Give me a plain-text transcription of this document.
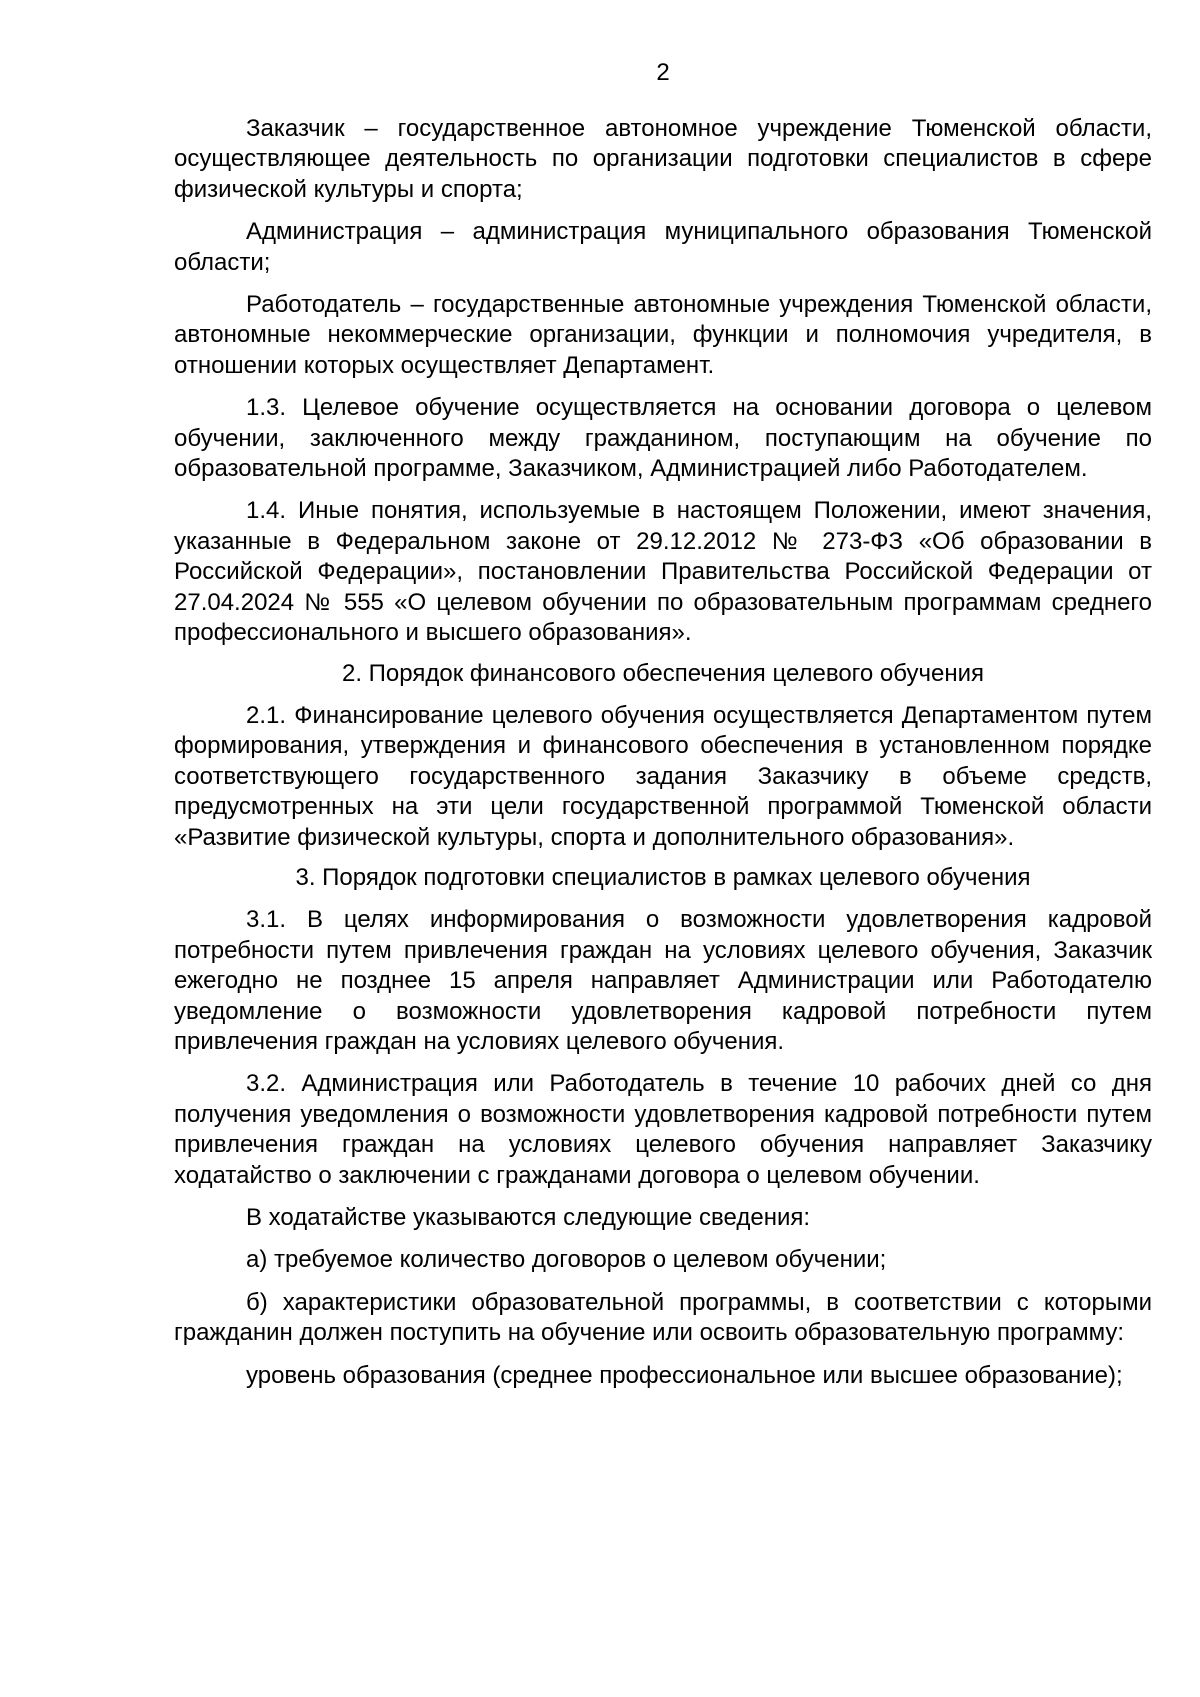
2

Заказчик – государственное автономное учреждение Тюменской области, осуществляющее деятельность по организации подготовки специалистов в сфере физической культуры и спорта;

Администрация – администрация муниципального образования Тюменской области;

Работодатель – государственные автономные учреждения Тюменской области, автономные некоммерческие организации, функции и полномочия учредителя, в отношении которых осуществляет Департамент.

1.3. Целевое обучение осуществляется на основании договора о целевом обучении, заключенного между гражданином, поступающим на обучение по образовательной программе, Заказчиком, Администрацией либо Работодателем.

1.4. Иные понятия, используемые в настоящем Положении, имеют значения, указанные в Федеральном законе от 29.12.2012 № 273-ФЗ «Об образовании в Российской Федерации», постановлении Правительства Российской Федерации от 27.04.2024 № 555 «О целевом обучении по образовательным программам среднего профессионального и высшего образования».

2. Порядок финансового обеспечения целевого обучения

2.1. Финансирование целевого обучения осуществляется Департаментом путем формирования, утверждения и финансового обеспечения в установленном порядке соответствующего государственного задания Заказчику в объеме средств, предусмотренных на эти цели государственной программой Тюменской области «Развитие физической культуры, спорта и дополнительного образования».

3. Порядок подготовки специалистов в рамках целевого обучения

3.1. В целях информирования о возможности удовлетворения кадровой потребности путем привлечения граждан на условиях целевого обучения, Заказчик ежегодно не позднее 15 апреля направляет Администрации или Работодателю уведомление о возможности удовлетворения кадровой потребности путем привлечения граждан на условиях целевого обучения.

3.2. Администрация или Работодатель в течение 10 рабочих дней со дня получения уведомления о возможности удовлетворения кадровой потребности путем привлечения граждан на условиях целевого обучения направляет Заказчику ходатайство о заключении с гражданами договора о целевом обучении.

В ходатайстве указываются следующие сведения:

а) требуемое количество договоров о целевом обучении;

б) характеристики образовательной программы, в соответствии с которыми гражданин должен поступить на обучение или освоить образовательную программу:

уровень образования (среднее профессиональное или высшее образование);
